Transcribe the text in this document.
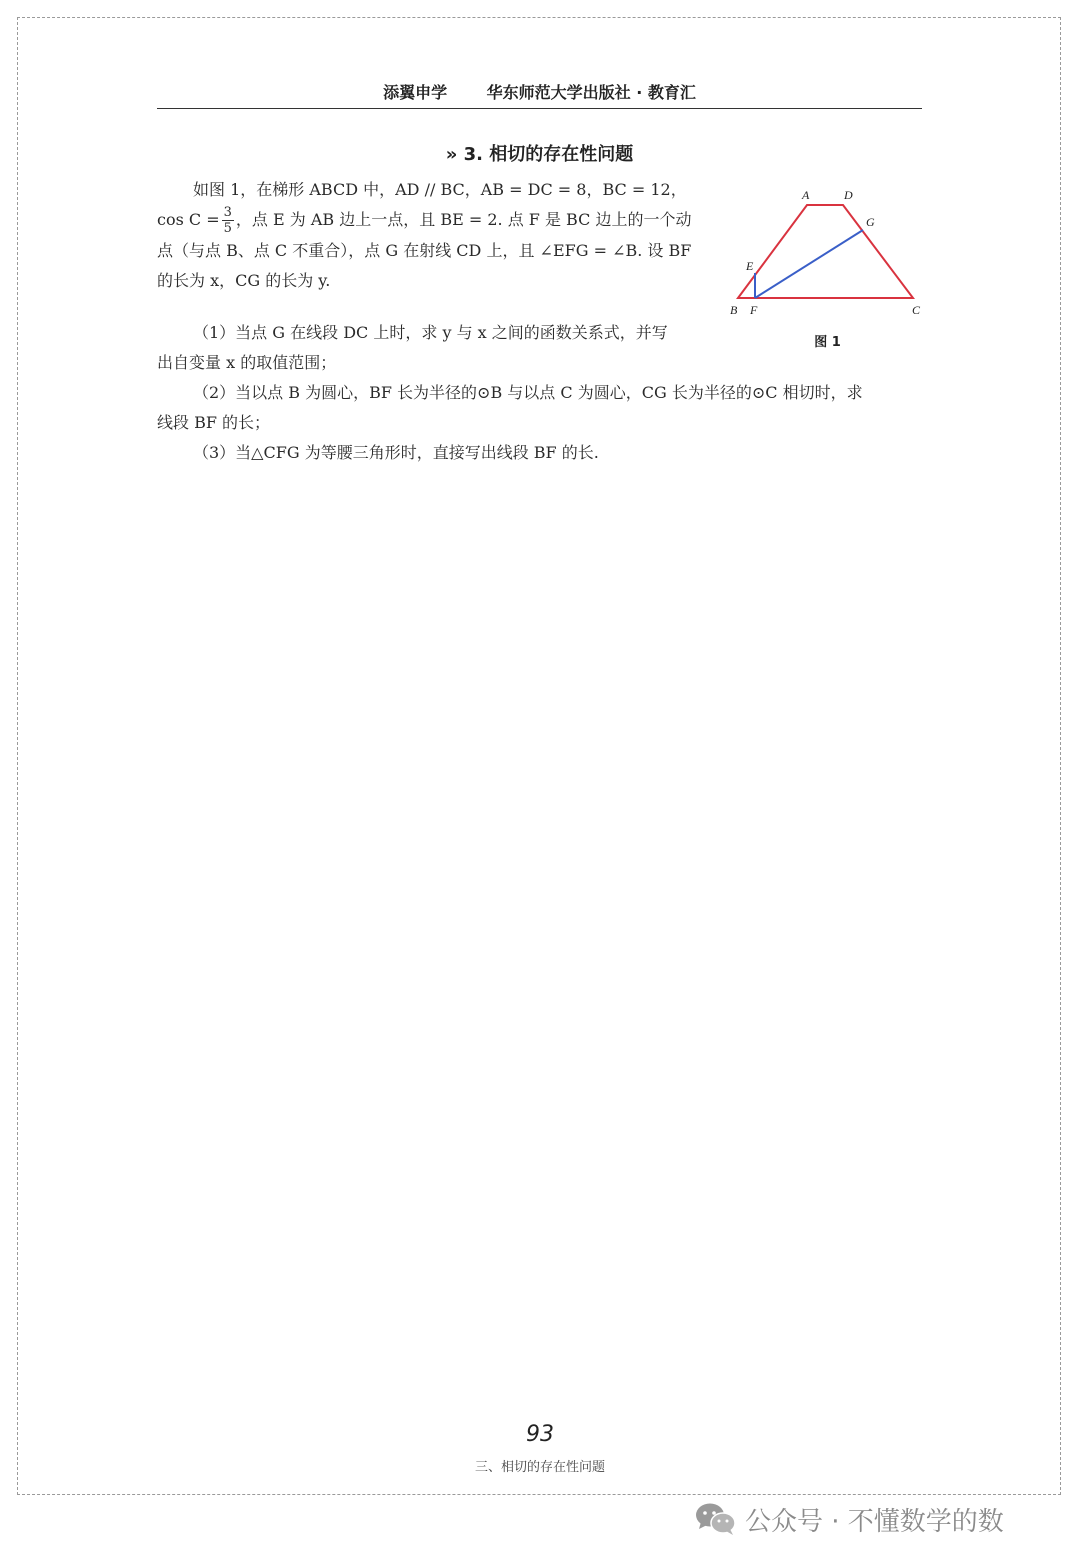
添翼申学 华东师范大学出版社 · 教育汇
» 3. 相切的存在性问题

如图 1，在梯形 ABCD 中，AD // BC，AB = DC = 8，BC = 12，

$\cos C = \frac{3}{5}$ ，点 E 为 AB 边上一点，且 BE = 2. 点 F 是 BC 边上的一个动

点（与点 B、点 C 不重合），点 G 在射线 CD 上，且 ∠EFG = ∠B. 设 BF

的长为 x，CG 的长为 y.

（1）当点 G 在线段 DC 上时，求 y 与 x 之间的函数关系式，并写

出自变量 x 的取值范围；

（2）当以点 B 为圆心，BF 长为半径的⊙B 与以点 C 为圆心，CG 长为半径的⊙C 相切时，求

线段 BF 的长；

（3）当△CFG 为等腰三角形时，直接写出线段 BF 的长.

A	D
G
E
B F	C
图 1
93
三、相切的存在性问题
公众号 · 不懂数学的数
